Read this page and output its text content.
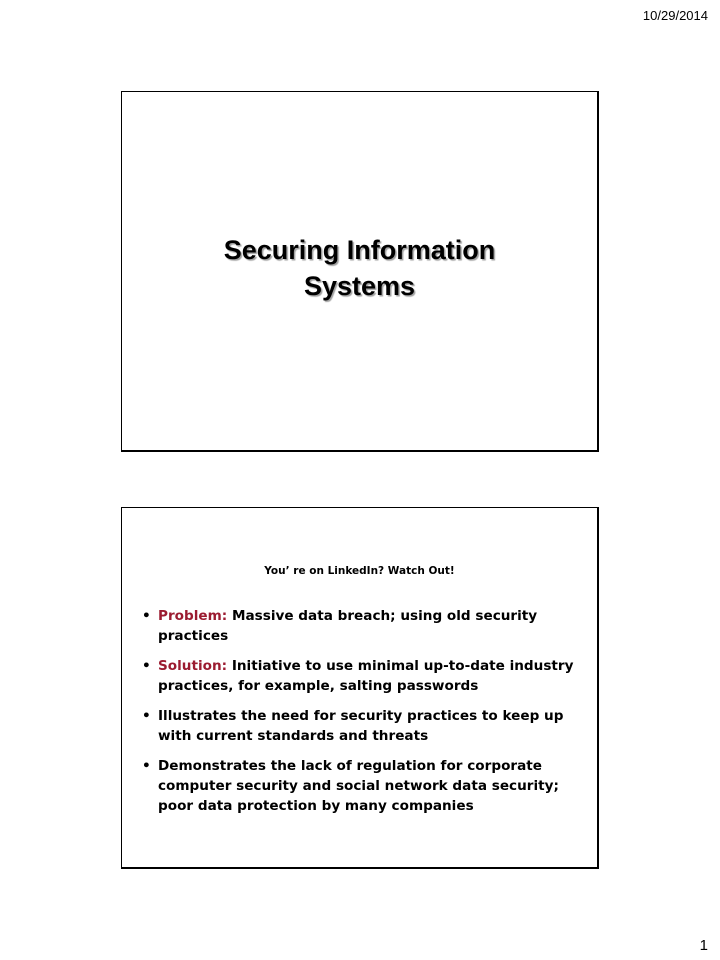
10/29/2014
Securing Information
Systems
You’ re on LinkedIn? Watch Out!
• Problem: Massive data breach; using old security practices
• Solution: Initiative to use minimal up-to-date industry practices, for example, salting passwords
• Illustrates the need for security practices to keep up with current standards and threats
• Demonstrates the lack of regulation for corporate computer security and social network data security; poor data protection by many companies
1
